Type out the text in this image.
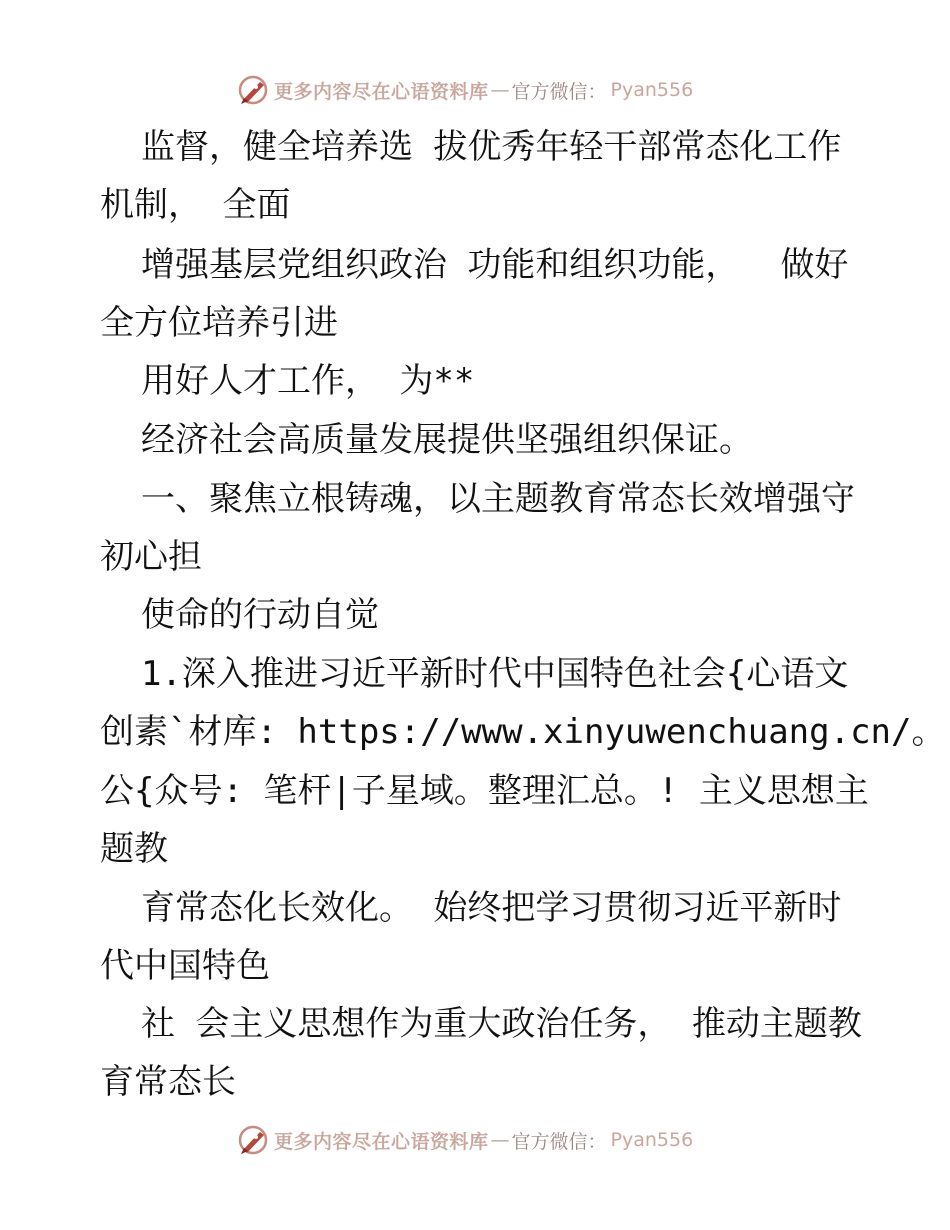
更多内容尽在心语资料库 — 官方微信： Pyan556
监督，健全培养选 拔优秀年轻干部常态化工作
机制， 全面
增强基层党组织政治 功能和组织功能，  做好
全方位培养引进
用好人才工作， 为**
经济社会高质量发展提供坚强组织保证。
一、聚焦立根铸魂，以主题教育常态长效增强守
初心担
使命的行动自觉
1.深入推进习近平新时代中国特色社会{心语文
创素`材库: https://www.xinyuwenchuang.cn/。
公{众号: 笔杆|子星域。整理汇总。! 主义思想主
题教
育常态化长效化。 始终把学习贯彻习近平新时
代中国特色
社 会主义思想作为重大政治任务， 推动主题教
育常态长
更多内容尽在心语资料库 — 官方微信： Pyan556
